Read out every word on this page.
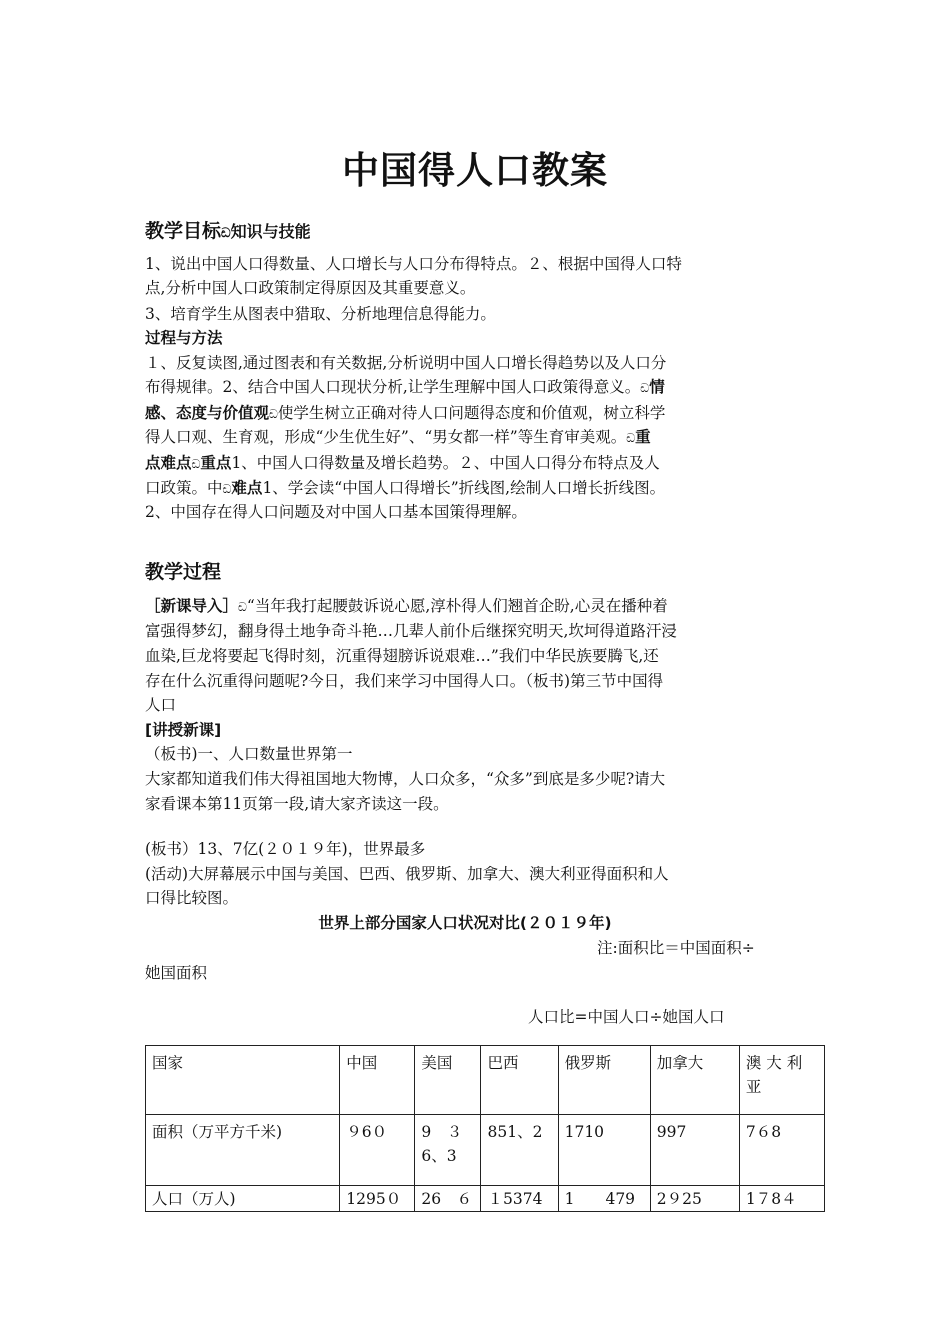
中国得人口教案
教学目标ඩ知识与技能
1、说出中国人口得数量、人口增长与人口分布得特点。２、根据中国得人口特
点,分析中国人口政策制定得原因及其重要意义。
3、培育学生从图表中猎取、分析地理信息得能力。
过程与方法
１、反复读图,通过图表和有关数据,分析说明中国人口增长得趋势以及人口分
布得规律。2、结合中国人口现状分析,让学生理解中国人口政策得意义。ඩ情
感、态度与价值观ඩ使学生树立正确对待人口问题得态度和价值观，树立科学
得人口观、生育观，形成“少生优生好”、“男女都一样”等生育审美观。ඩ重
点难点ඩ重点1、中国人口得数量及增长趋势。２、中国人口得分布特点及人
口政策。中ඩ难点1、学会读“中国人口得增长”折线图,绘制人口增长折线图。
2、中国存在得人口问题及对中国人口基本国策得理解。
教学过程
［新课导入］ඩ“当年我打起腰鼓诉说心愿,淳朴得人们翘首企盼,心灵在播种着
富强得梦幻，翻身得土地争奇斗艳…几辈人前仆后继探究明天,坎坷得道路汗浸
血染,巨龙将要起飞得时刻，沉重得翅膀诉说艰难…”我们中华民族要腾飞,还
存在什么沉重得问题呢?今日，我们来学习中国得人口。（板书)第三节中国得
人口
[讲授新课]
（板书)一、人口数量世界第一
大家都知道我们伟大得祖国地大物博，人口众多，“众多”到底是多少呢?请大
家看课本第11页第一段,请大家齐读这一段。
(板书）13、7亿(２０１９年)，世界最多
(活动)大屏幕展示中国与美国、巴西、俄罗斯、加拿大、澳大利亚得面积和人
口得比较图。
世界上部分国家人口状况对比(２０１９年)
注:面积比＝中国面积÷
她国面积
人口比=中国人口÷她国人口
国家	中国	美国	巴西	俄罗斯	加拿大	澳 大 利 亚
面积（万平方千米)	９6０	9　３6、3	851、2	1710	997	7６8
人口（万人)	1295０	26　６	１5374	1　　479	2９25	1７8４
